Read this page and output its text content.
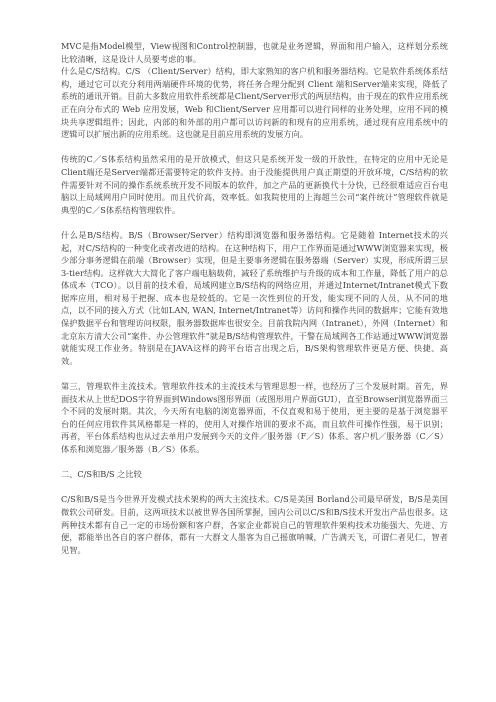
MVC是指Model模型，View视图和Control控制器，也就是业务逻辑，界面和用户输入，这样划分系统比较清晰，这是设计人员要考虑的事。

什么是C/S结构。C/S （Client/Server）结构，即大家熟知的客户机和服务器结构。它是软件系统体系结构，通过它可以充分利用两端硬件环境的优势，将任务合理分配到 Client 端和Server端来实现，降低了系统的通讯开销。目前大多数应用软件系统都是Client/Server形式的两层结构，由于现在的软件应用系统正在向分布式的 Web 应用发展，Web 和Client/Server 应用都可以进行同样的业务处理，应用不同的模块共享逻辑组件；因此，内部的和外部的用户都可以访问新的和现有的应用系统，通过现有应用系统中的逻辑可以扩展出新的应用系统。这也就是目前应用系统的发展方向。

传统的C／S体系结构虽然采用的是开放模式，但这只是系统开发一级的开放性，在特定的应用中无论是Client端还是Server端都还需要特定的软件支持。由于没能提供用户真正期望的开放环境，C/S结构的软件需要针对不同的操作系统系统开发不同版本的软件，加之产品的更新换代十分快，已经很难适应百台电脑以上局域网用户同时使用。而且代价高，效率低。如我院使用的上海超兰公司“案件统计”管理软件就是典型的C／S体系结构管理软件。

什么是B/S结构。B/S（Browser/Server）结构即浏览器和服务器结构。它是随着 Internet技术的兴起，对C/S结构的一种变化或者改进的结构。在这种结构下，用户工作界面是通过WWW浏览器来实现，极少部分事务逻辑在前端（Browser）实现，但是主要事务逻辑在服务器端（Server）实现，形成所谓三层3-tier结构。这样就大大简化了客户端电脑载荷，减轻了系统维护与升级的成本和工作量，降低了用户的总体成本（TCO）。以目前的技术看，局域网建立B/S结构的网络应用，并通过Internet/Intranet模式下数据库应用，相对易于把握、成本也是较低的。它是一次性到位的开发，能实现不同的人员，从不同的地点，以不同的接入方式（比如LAN, WAN, Internet/Intranet等）访问和操作共同的数据库；它能有效地保护数据平台和管理访问权限，服务器数据库也很安全。目前我院内网（Intranet），外网（Internet）和北京东方清大公司“案件、办公管理软件”就是B/S结构管理软件，干警在局域网各工作站通过WWW浏览器就能实现工作业务。特别是在JAVA这样的跨平台语言出现之后，B/S架构管理软件更是方便、快捷、高效。

第三，管理软件主流技术。管理软件技术的主流技术与管理思想一样，也经历了三个发展时期。首先，界面技术从上世纪DOS字符界面到Windows图形界面（或图形用户界面GUI），直至Browser浏览器界面三个不同的发展时期。其次，今天所有电脑的浏览器界面，不仅直观和易于使用，更主要的是基于浏览器平台的任何应用软件其风格都是一样的，使用人对操作培训的要求不高，而且软件可操作性强，易于识别；再者，平台体系结构也从过去单用户发展到今天的文件／服务器（F／S）体系、客户机／服务器（C／S）体系和浏览器／服务器（B／S）体系。

二、C/S和B/S 之比较

C/S和B/S是当今世界开发模式技术架构的两大主流技术。C/S是美国 Borland公司最早研发，B/S是美国微软公司研发。目前，这两项技术以被世界各国所掌握，国内公司以C/S和B/S技术开发出产品也很多。这两种技术都有自己一定的市场份额和客户群，各家企业都说自己的管理软件架构技术功能强大、先进、方便，都能举出各自的客户群体，都有一大群文人墨客为自己摇旗呐喊，广告满天飞，可谓仁者见仁，智者见智。
